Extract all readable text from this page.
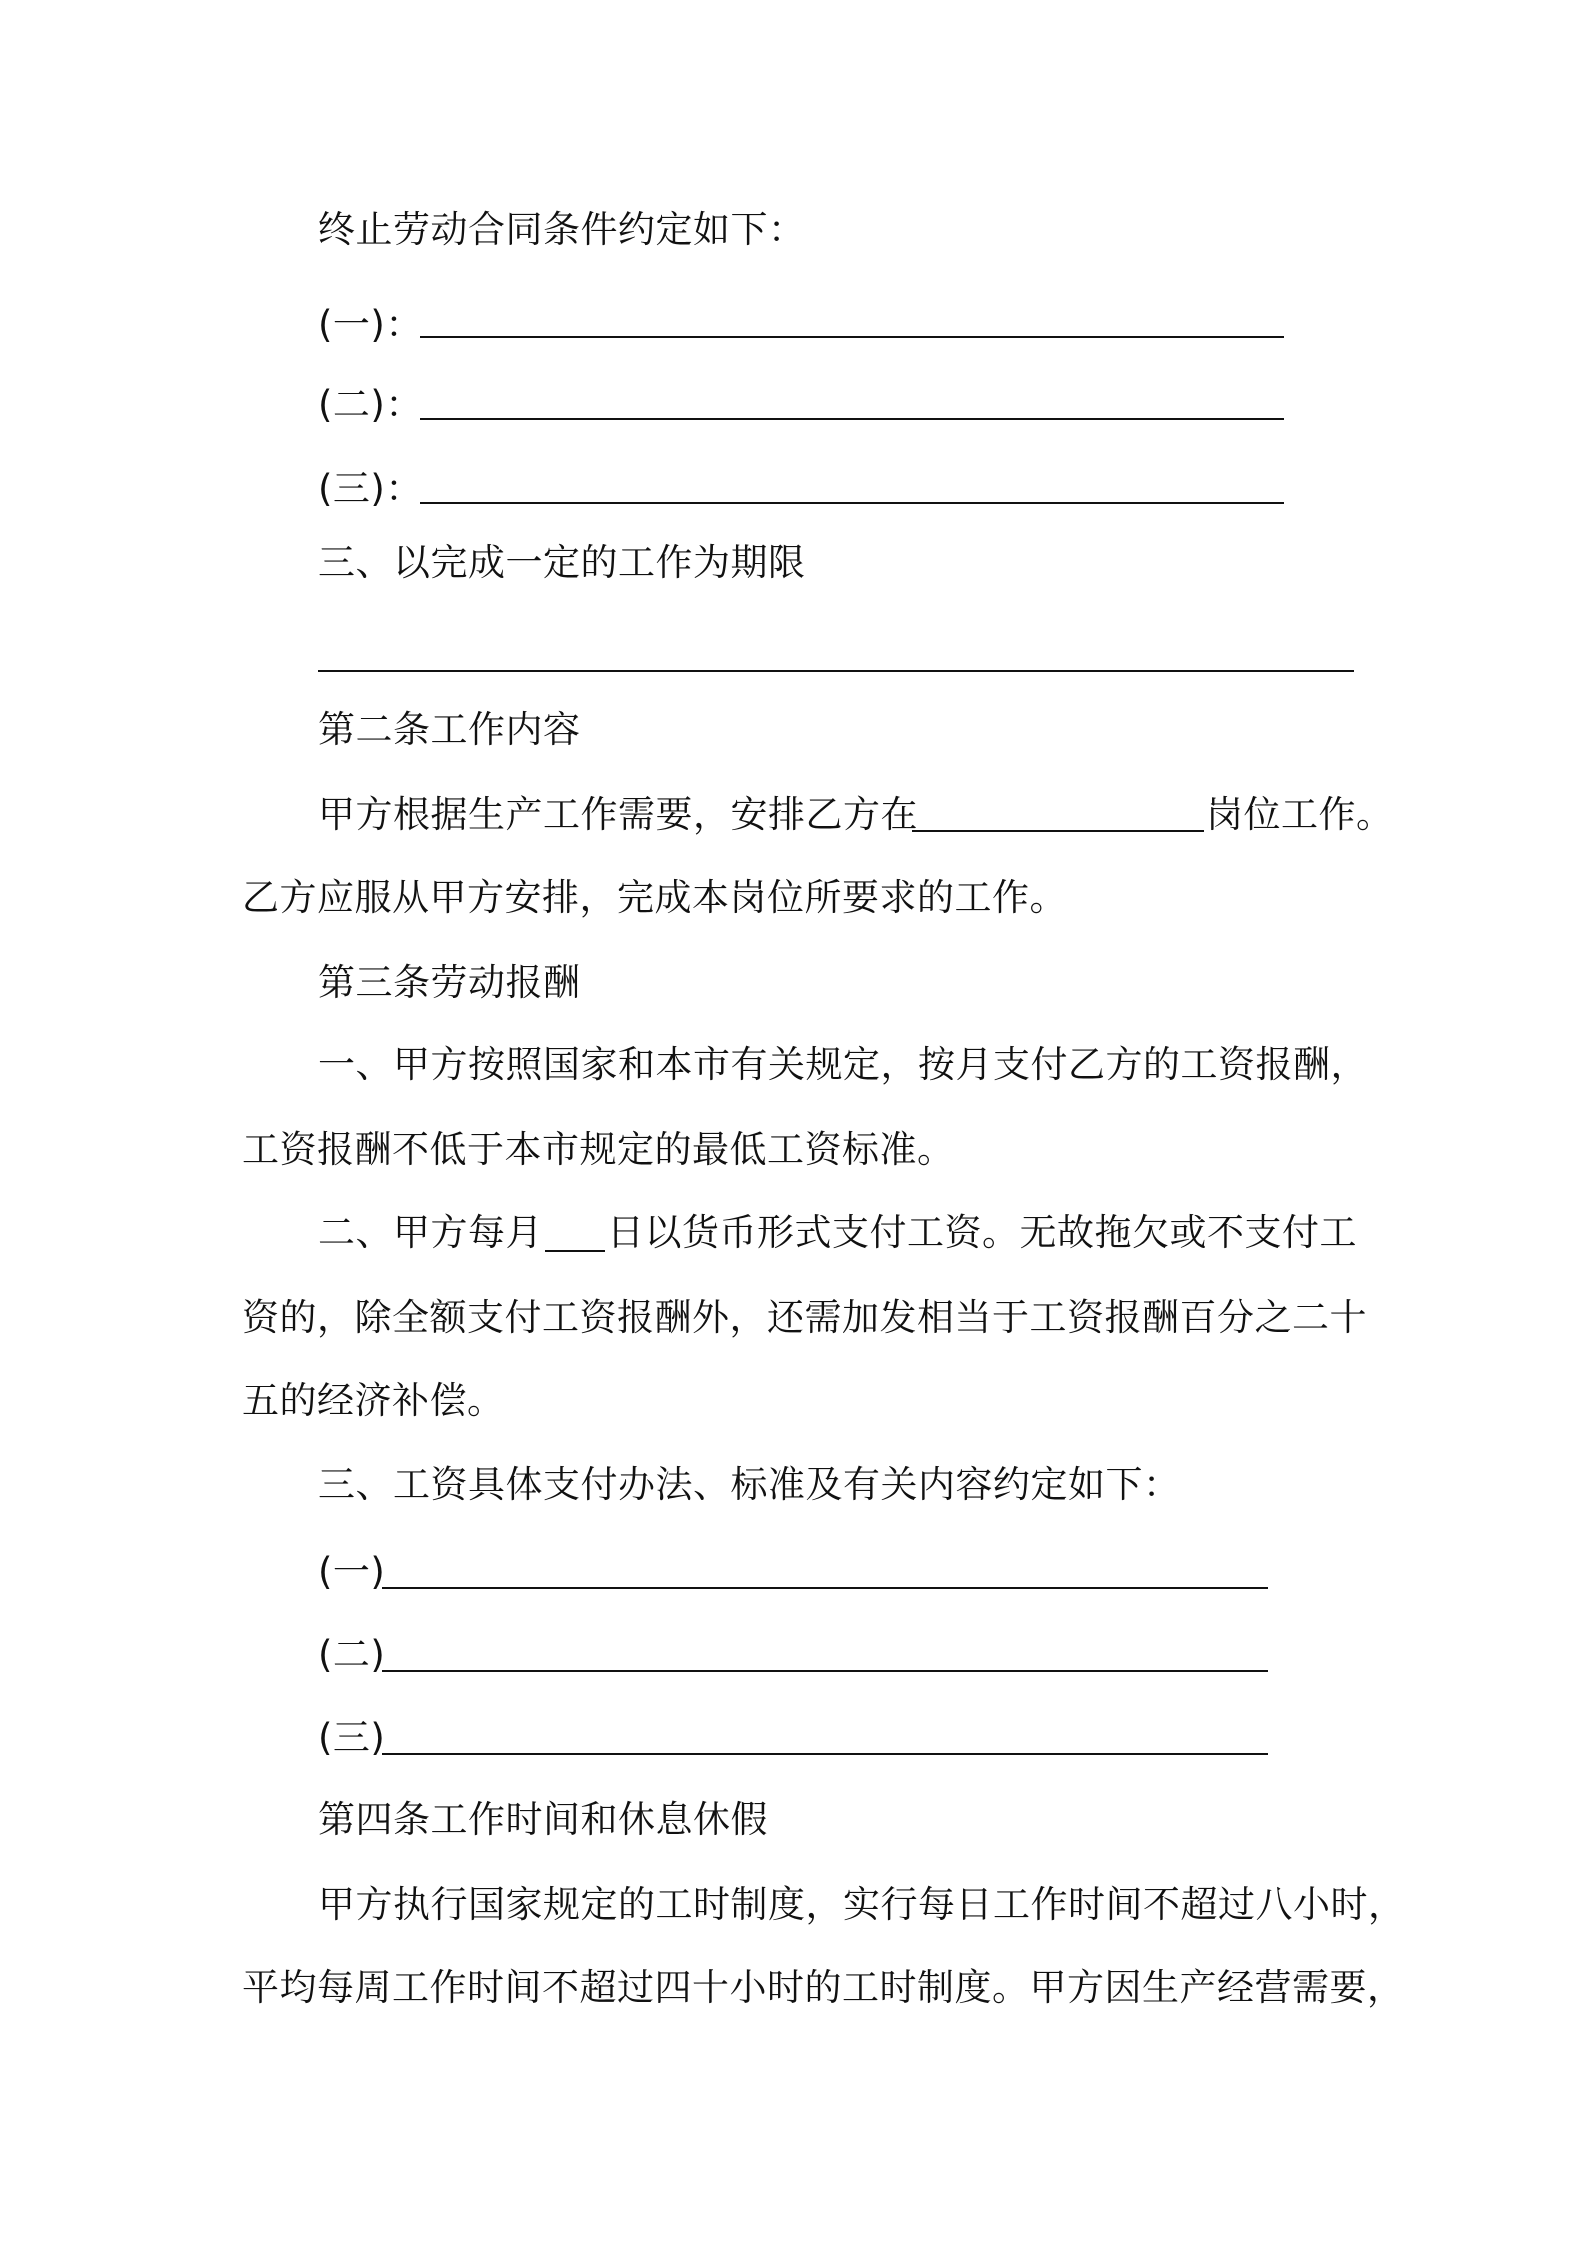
终止劳动合同条件约定如下：
(一)：
(二)：
(三)：
三、以完成一定的工作为期限
第二条工作内容
甲方根据生产工作需要，安排乙方在	岗位工作。
乙方应服从甲方安排，完成本岗位所要求的工作。
第三条劳动报酬
一、甲方按照国家和本市有关规定，按月支付乙方的工资报酬，
工资报酬不低于本市规定的最低工资标准。
二、甲方每月 日以货币形式支付工资。无故拖欠或不支付工
资的，除全额支付工资报酬外，还需加发相当于工资报酬百分之二十
五的经济补偿。
三、工资具体支付办法、标准及有关内容约定如下：
(一)
(二)
(三)
第四条工作时间和休息休假
甲方执行国家规定的工时制度，实行每日工作时间不超过八小时，
平均每周工作时间不超过四十小时的工时制度。甲方因生产经营需要，
